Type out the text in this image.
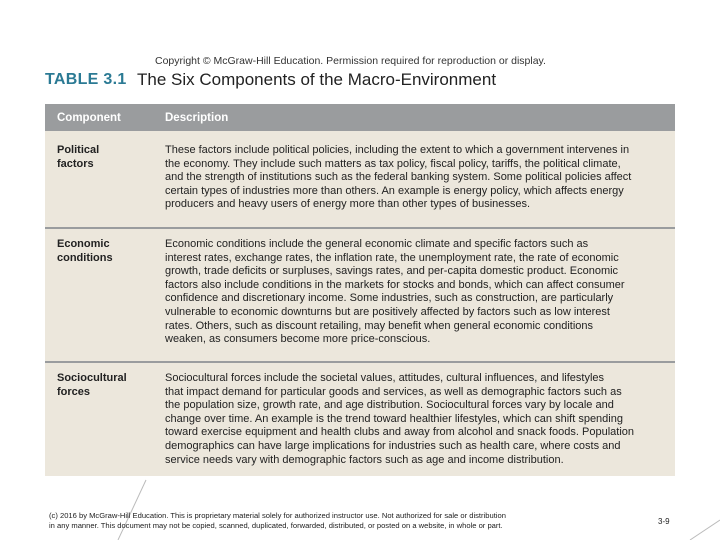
Copyright © McGraw-Hill Education. Permission required for reproduction or display.
TABLE 3.1 The Six Components of the Macro-Environment
Component	Description
Political
factors
These factors include political policies, including the extent to which a government intervenes in
the economy. They include such matters as tax policy, fiscal policy, tariffs, the political climate,
and the strength of institutions such as the federal banking system. Some political policies affect
certain types of industries more than others. An example is energy policy, which affects energy
producers and heavy users of energy more than other types of businesses.
Economic
conditions
Economic conditions include the general economic climate and specific factors such as
interest rates, exchange rates, the inflation rate, the unemployment rate, the rate of economic
growth, trade deficits or surpluses, savings rates, and per-capita domestic product. Economic
factors also include conditions in the markets for stocks and bonds, which can affect consumer
confidence and discretionary income. Some industries, such as construction, are particularly
vulnerable to economic downturns but are positively affected by factors such as low interest
rates. Others, such as discount retailing, may benefit when general economic conditions
weaken, as consumers become more price-conscious.
Sociocultural
forces
Sociocultural forces include the societal values, attitudes, cultural influences, and lifestyles
that impact demand for particular goods and services, as well as demographic factors such as
the population size, growth rate, and age distribution. Sociocultural forces vary by locale and
change over time. An example is the trend toward healthier lifestyles, which can shift spending
toward exercise equipment and health clubs and away from alcohol and snack foods. Population
demographics can have large implications for industries such as health care, where costs and
service needs vary with demographic factors such as age and income distribution.
(c) 2016 by McGraw-Hill Education. This is proprietary material solely for authorized instructor use. Not authorized for sale or distribution
in any manner. This document may not be copied, scanned, duplicated, forwarded, distributed, or posted on a website, in whole or part.	3-9
